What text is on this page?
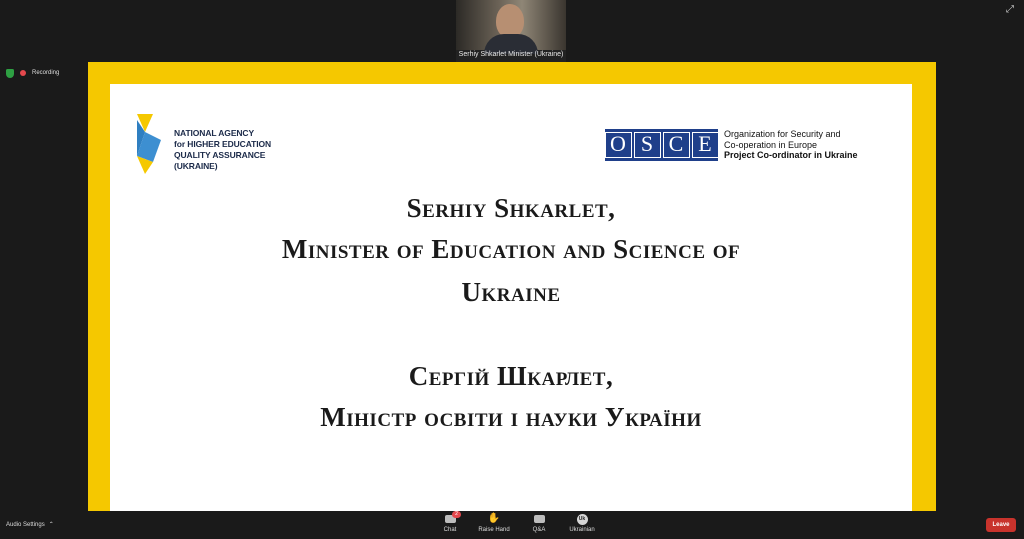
Serhiy Shkarlet Minister (Ukraine)
⤢
Recording
NATIONAL AGENCY
for HIGHER EDUCATION
QUALITY ASSURANCE
(UKRAINE)
O S C E	Organization for Security and
Co-operation in Europe
Project Co-ordinator in Ukraine
Serhiy Shkarlet,
Minister of Education and Science of
Ukraine
Сергій Шкарлет,
Міністр освіти і науки України
Audio Settings ⌃
2
Chat
✋
Raise Hand	Q&A
Uk
Ukrainian
Leave
